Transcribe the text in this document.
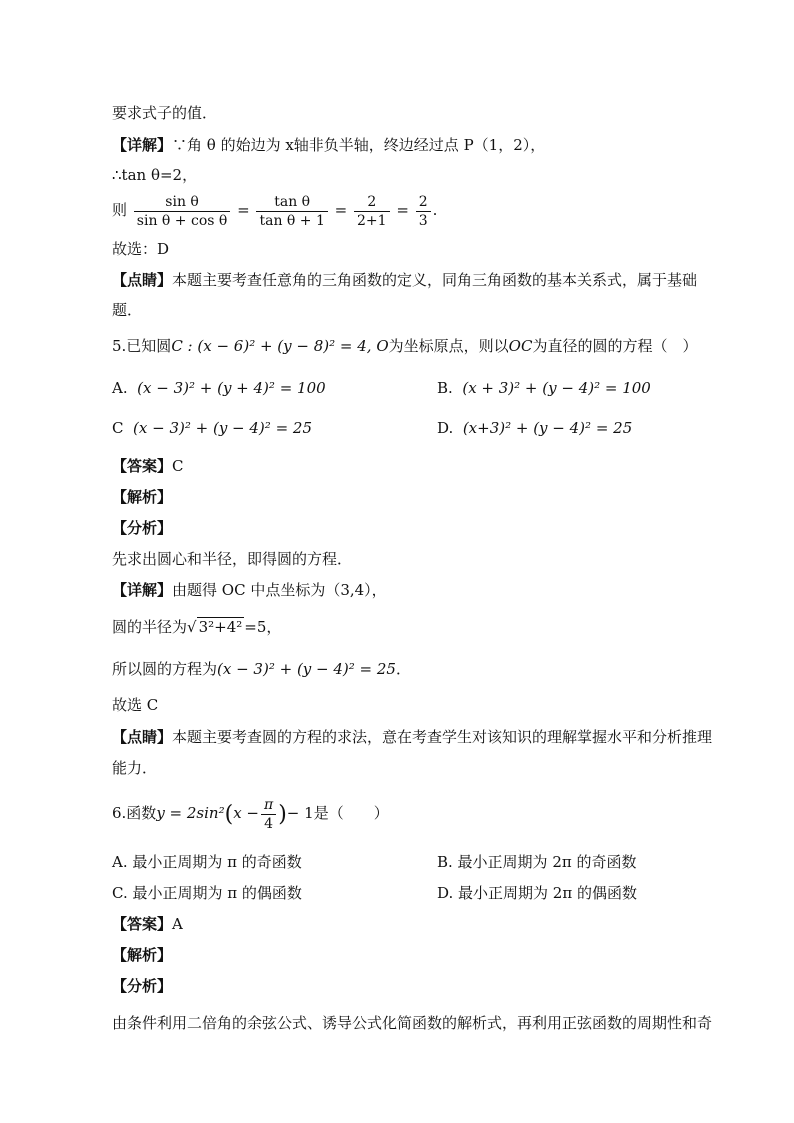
要求式子的值．
【详解】∵角 θ 的始边为 x轴非负半轴，终边经过点 P（1，2），
∴tan θ=2，
则 $\frac{\text{sin θ}}{\text{sin θ + cos θ}} = \frac{\text{tan θ}}{\text{tan θ + 1}} = \frac{2}{2+1} = \frac{2}{3}$ .
故选：D
【点睛】本题主要考查任意角的三角函数的定义，同角三角函数的基本关系式，属于基础
题．
5.已知圆C : (x − 6)² + (y − 8)² = 4, O为坐标原点，则以OC为直径的圆的方程（　）
A. (x − 3)² + (y + 4)² = 100	B. (x + 3)² + (y − 4)² = 100
C (x − 3)² + (y − 4)² = 25	D. (x+3)² + (y − 4)² = 25
【答案】C
【解析】
【分析】
先求出圆心和半径，即得圆的方程．
【详解】由题得 OC 中点坐标为（3,4），
圆的半径为√ 3²+4² =5，
所以圆的方程为(x − 3)² + (y − 4)² = 25．
故选 C
【点睛】本题主要考查圆的方程的求法，意在考查学生对该知识的理解掌握水平和分析推理
能力．
6.函数$y = 2\sin^2(x - \frac{\pi}{4}$ )− 1是（　　）
A. 最小正周期为 π 的奇函数	B. 最小正周期为 2π 的奇函数
C. 最小正周期为 π 的偶函数	D. 最小正周期为 2π 的偶函数
【答案】A
【解析】
【分析】
由条件利用二倍角的余弦公式、诱导公式化简函数的解析式，再利用正弦函数的周期性和奇
